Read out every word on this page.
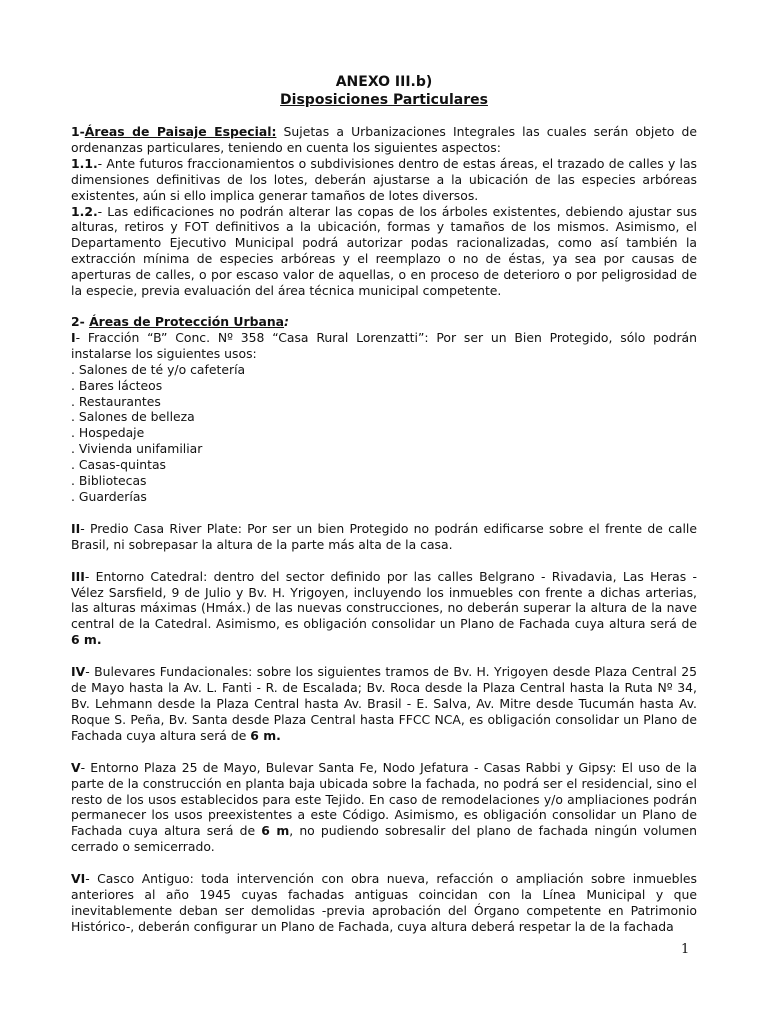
ANEXO III.b)
Disposiciones Particulares
1-Áreas de Paisaje Especial: Sujetas a Urbanizaciones Integrales las cuales serán objeto de ordenanzas particulares, teniendo en cuenta los siguientes aspectos:
1.1.- Ante futuros fraccionamientos o subdivisiones dentro de estas áreas, el trazado de calles y las dimensiones definitivas de los lotes, deberán ajustarse a la ubicación de las especies arbóreas existentes, aún si ello implica generar tamaños de lotes diversos.
1.2.- Las edificaciones no podrán alterar las copas de los árboles existentes, debiendo ajustar sus alturas, retiros y FOT definitivos a la ubicación, formas y tamaños de los mismos. Asimismo, el Departamento Ejecutivo Municipal podrá autorizar podas racionalizadas, como así también la extracción mínima de especies arbóreas y el reemplazo o no de éstas, ya sea por causas de aperturas de calles, o por escaso valor de aquellas, o en proceso de deterioro o por peligrosidad de la especie, previa evaluación del área técnica municipal competente.
2- Áreas de Protección Urbana:
I- Fracción “B” Conc. Nº 358 “Casa Rural Lorenzatti”: Por ser un Bien Protegido, sólo podrán instalarse los siguientes usos:
. Salones de té y/o cafetería
. Bares lácteos
. Restaurantes
. Salones de belleza
. Hospedaje
. Vivienda unifamiliar
. Casas-quintas
. Bibliotecas
. Guarderías
II- Predio Casa River Plate: Por ser un bien Protegido no podrán edificarse sobre el frente de calle Brasil, ni sobrepasar la altura de la parte más alta de la casa.
III- Entorno Catedral: dentro del sector definido por las calles Belgrano - Rivadavia, Las Heras - Vélez Sarsfield, 9 de Julio y Bv. H. Yrigoyen, incluyendo los inmuebles con frente a dichas arterias, las alturas máximas (Hmáx.) de las nuevas construcciones, no deberán superar la altura de la nave central de la Catedral. Asimismo, es obligación consolidar un Plano de Fachada cuya altura será de 6 m.
IV- Bulevares Fundacionales: sobre los siguientes tramos de Bv. H. Yrigoyen desde Plaza Central 25 de Mayo hasta la Av. L. Fanti - R. de Escalada; Bv. Roca desde la Plaza Central hasta la Ruta Nº 34, Bv. Lehmann desde la Plaza Central hasta Av. Brasil - E. Salva, Av. Mitre desde Tucumán hasta Av. Roque S. Peña, Bv. Santa desde Plaza Central hasta FFCC NCA, es obligación consolidar un Plano de Fachada cuya altura será de 6 m.
V- Entorno Plaza 25 de Mayo, Bulevar Santa Fe, Nodo Jefatura - Casas Rabbi y Gipsy: El uso de la parte de la construcción en planta baja ubicada sobre la fachada, no podrá ser el residencial, sino el resto de los usos establecidos para este Tejido. En caso de remodelaciones y/o ampliaciones podrán permanecer los usos preexistentes a este Código. Asimismo, es obligación consolidar un Plano de Fachada cuya altura será de 6 m, no pudiendo sobresalir del plano de fachada ningún volumen cerrado o semicerrado.
VI- Casco Antiguo: toda intervención con obra nueva, refacción o ampliación sobre inmuebles anteriores al año 1945 cuyas fachadas antiguas coincidan con la Línea Municipal y que inevitablemente deban ser demolidas -previa aprobación del Órgano competente en Patrimonio Histórico-, deberán configurar un Plano de Fachada, cuya altura deberá respetar la de la fachada
1
